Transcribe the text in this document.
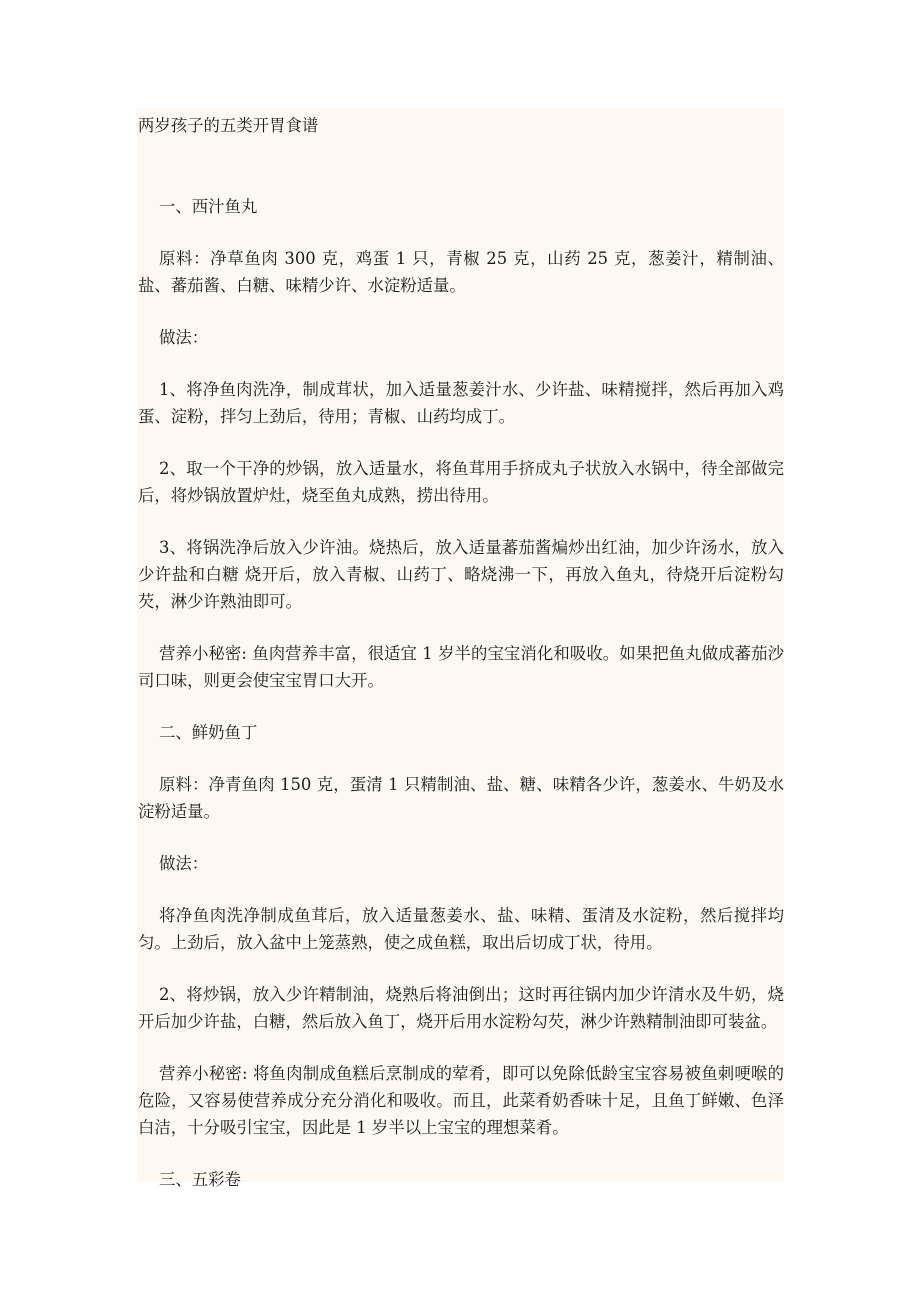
两岁孩子的五类开胃食谱

一、西汁鱼丸

原料：净草鱼肉 300 克，鸡蛋 1 只，青椒 25 克，山药 25 克，葱姜汁，精制油、盐、蕃茄酱、白糖、味精少许、水淀粉适量。

做法：

1、将净鱼肉洗净，制成茸状，加入适量葱姜汁水、少许盐、味精搅拌，然后再加入鸡蛋、淀粉，拌匀上劲后，待用；青椒、山药均成丁。

2、取一个干净的炒锅，放入适量水，将鱼茸用手挤成丸子状放入水锅中，待全部做完后，将炒锅放置炉灶，烧至鱼丸成熟，捞出待用。

3、将锅洗净后放入少许油。烧热后，放入适量蕃茄酱煸炒出红油，加少许汤水，放入少许盐和白糖 烧开后，放入青椒、山药丁、略烧沸一下，再放入鱼丸，待烧开后淀粉勾芡，淋少许熟油即可。

营养小秘密: 鱼肉营养丰富，很适宜 1 岁半的宝宝消化和吸收。如果把鱼丸做成蕃茄沙司口味，则更会使宝宝胃口大开。

二、鲜奶鱼丁

原料：净青鱼肉 150 克，蛋清 1 只精制油、盐、糖、味精各少许，葱姜水、牛奶及水淀粉适量。

做法：

将净鱼肉洗净制成鱼茸后，放入适量葱姜水、盐、味精、蛋清及水淀粉，然后搅拌均匀。上劲后，放入盆中上笼蒸熟，使之成鱼糕，取出后切成丁状，待用。

2、将炒锅，放入少许精制油，烧熟后将油倒出；这时再往锅内加少许清水及牛奶，烧开后加少许盐，白糖，然后放入鱼丁，烧开后用水淀粉勾芡，淋少许熟精制油即可装盆。

营养小秘密: 将鱼肉制成鱼糕后烹制成的荤肴，即可以免除低龄宝宝容易被鱼刺哽喉的危险，又容易使营养成分充分消化和吸收。而且，此菜肴奶香味十足，且鱼丁鲜嫩、色泽白洁，十分吸引宝宝，因此是 1 岁半以上宝宝的理想菜肴。

三、五彩卷
